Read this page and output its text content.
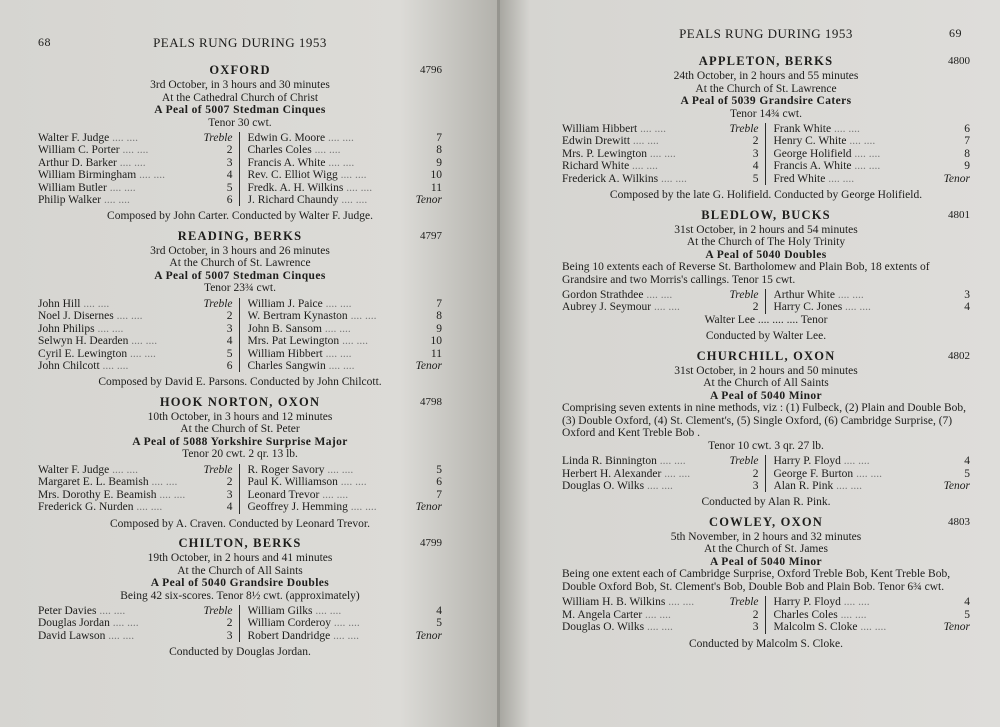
68	PEALS RUNG DURING 1953
OXFORD	4796
3rd October, in 3 hours and 30 minutes
At the Cathedral Church of Christ
A Peal of 5007 Stedman Cinques
Tenor 30 cwt.
Walter F. Judge ....	Treble
William C. Porter ....	2
Arthur D. Barker ....	3
William Birmingham ....	4
William Butler ....	5
Philip Walker ....	6
Edwin G. Moore ....	7
Charles Coles ....	8
Francis A. White ....	9
Rev. C. Elliot Wigg ....	10
Fredk. A. H. Wilkins ....	11
J. Richard Chaundy ....	Tenor
Composed by John Carter. Conducted by Walter F. Judge.
READING, BERKS	4797
3rd October, in 3 hours and 26 minutes
At the Church of St. Lawrence
A Peal of 5007 Stedman Cinques
Tenor 23¾ cwt.
John Hill ....	Treble
Noel J. Disernes ....	2
John Philips ....	3
Selwyn H. Dearden ....	4
Cyril E. Lewington ....	5
John Chilcott ....	6
William J. Paice ....	7
W. Bertram Kynaston ....	8
John B. Sansom ....	9
Mrs. Pat Lewington ....	10
William Hibbert ....	11
Charles Sangwin ....	Tenor
Composed by David E. Parsons. Conducted by John Chilcott.
HOOK NORTON, OXON	4798
10th October, in 3 hours and 12 minutes
At the Church of St. Peter
A Peal of 5088 Yorkshire Surprise Major
Tenor 20 cwt. 2 qr. 13 lb.
Walter F. Judge ....	Treble
Margaret E. L. Beamish ....	2
Mrs. Dorothy E. Beamish ....	3
Frederick G. Nurden ....	4
R. Roger Savory ....	5
Paul K. Williamson ....	6
Leonard Trevor ....	7
Geoffrey J. Hemming ....	Tenor
Composed by A. Craven. Conducted by Leonard Trevor.
CHILTON, BERKS	4799
19th October, in 2 hours and 41 minutes
At the Church of All Saints
A Peal of 5040 Grandsire Doubles
Being 42 six-scores. Tenor 8½ cwt. (approximately)
Peter Davies ....	Treble
Douglas Jordan ....	2
David Lawson ....	3
William Gilks ....	4
William Corderoy ....	5
Robert Dandridge ....	Tenor
Conducted by Douglas Jordan.
PEALS RUNG DURING 1953	69
APPLETON, BERKS	4800
24th October, in 2 hours and 55 minutes
At the Church of St. Lawrence
A Peal of 5039 Grandsire Caters
Tenor 14¾ cwt.
William Hibbert ....	Treble
Edwin Drewitt ....	2
Mrs. P. Lewington ....	3
Richard White ....	4
Frederick A. Wilkins ....	5
Frank White ....	6
Henry C. White ....	7
George Holifield ....	8
Francis A. White ....	9
Fred White ....	Tenor
Composed by the late G. Holifield. Conducted by George Holifield.
BLEDLOW, BUCKS	4801
31st October, in 2 hours and 54 minutes
At the Church of The Holy Trinity
A Peal of 5040 Doubles
Being 10 extents each of Reverse St. Bartholomew and Plain Bob, 18 extents of Grandsire and two Morris's callings. Tenor 15 cwt.
Gordon Strathdee ....	Treble
Aubrey J. Seymour ....	2
Arthur White ....	3
Harry C. Jones ....	4
Walter Lee .... .... .... Tenor
Conducted by Walter Lee.
CHURCHILL, OXON	4802
31st October, in 2 hours and 50 minutes
At the Church of All Saints
A Peal of 5040 Minor
Comprising seven extents in nine methods, viz : (1) Fulbeck, (2) Plain and Double Bob, (3) Double Oxford, (4) St. Clement's, (5) Single Oxford, (6) Cambridge Surprise, (7) Oxford and Kent Treble Bob .
Tenor 10 cwt. 3 qr. 27 lb.
Linda R. Binnington ....	Treble
Herbert H. Alexander ....	2
Douglas O. Wilks ....	3
Harry P. Floyd ....	4
George F. Burton ....	5
Alan R. Pink ....	Tenor
Conducted by Alan R. Pink.
COWLEY, OXON	4803
5th November, in 2 hours and 32 minutes
At the Church of St. James
A Peal of 5040 Minor
Being one extent each of Cambridge Surprise, Oxford Treble Bob, Kent Treble Bob, Double Oxford Bob, St. Clement's Bob, Double Bob and Plain Bob. Tenor 6¾ cwt.
William H. B. Wilkins ....	Treble
M. Angela Carter ....	2
Douglas O. Wilks ....	3
Harry P. Floyd ....	4
Charles Coles ....	5
Malcolm S. Cloke ....	Tenor
Conducted by Malcolm S. Cloke.
